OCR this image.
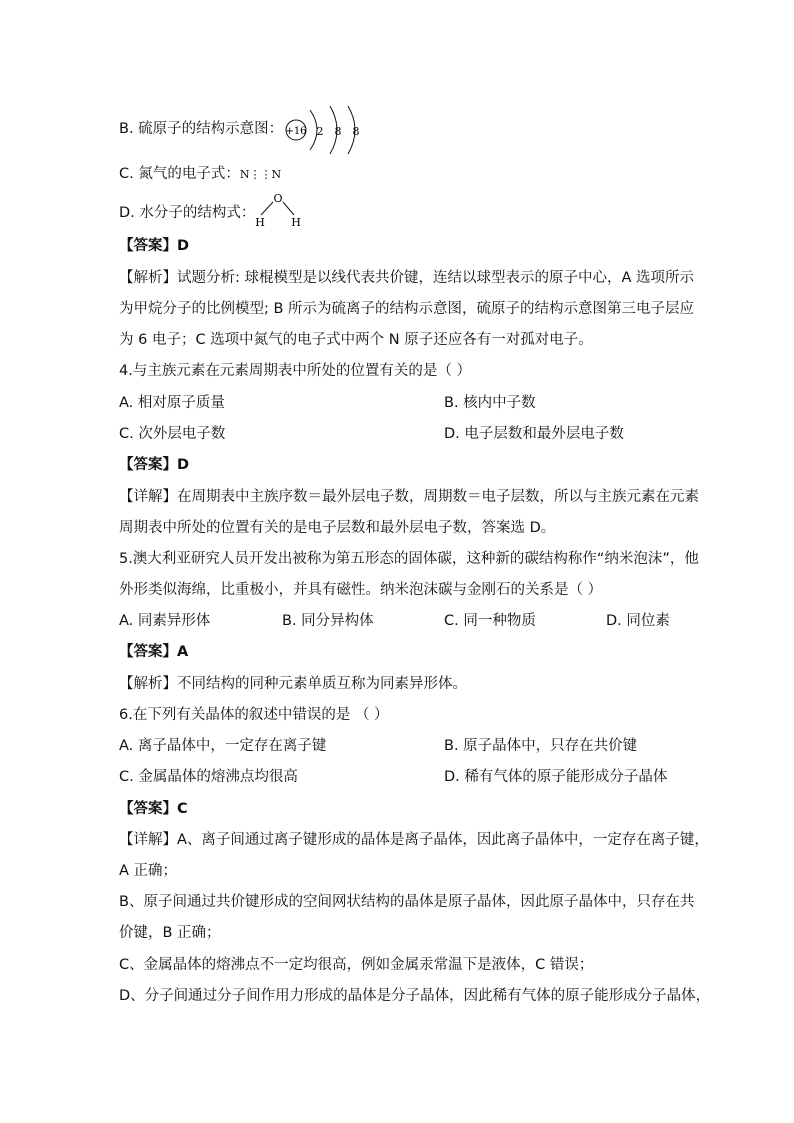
B. 硫原子的结构示意图： +16 2 8 8
C. 氮气的电子式：N⋮⋮N
D. 水分子的结构式：
O
H H
【答案】D
【解析】试题分析: 球棍模型是以线代表共价键，连结以球型表示的原子中心，A 选项所示
为甲烷分子的比例模型; B 所示为硫离子的结构示意图，硫原子的结构示意图第三电子层应
为 6 电子；C 选项中氮气的电子式中两个 N 原子还应各有一对孤对电子。
4.与主族元素在元素周期表中所处的位置有关的是（ ）
A. 相对原子质量	B. 核内中子数
C. 次外层电子数	D. 电子层数和最外层电子数
【答案】D
【详解】在周期表中主族序数＝最外层电子数，周期数＝电子层数，所以与主族元素在元素
周期表中所处的位置有关的是电子层数和最外层电子数，答案选 D。
5.澳大利亚研究人员开发出被称为第五形态的固体碳，这种新的碳结构称作“纳米泡沫”，他
外形类似海绵，比重极小，并具有磁性。纳米泡沫碳与金刚石的关系是（ ）
A. 同素异形体	B. 同分异构体	C. 同一种物质	D. 同位素
【答案】A
【解析】不同结构的同种元素单质互称为同素异形体。
6.在下列有关晶体的叙述中错误的是 （ ）
A. 离子晶体中，一定存在离子键	B. 原子晶体中，只存在共价键
C. 金属晶体的熔沸点均很高	D. 稀有气体的原子能形成分子晶体
【答案】C
【详解】A、离子间通过离子键形成的晶体是离子晶体，因此离子晶体中，一定存在离子键，
A 正确；
B、原子间通过共价键形成的空间网状结构的晶体是原子晶体，因此原子晶体中，只存在共
价键，B 正确；
C、金属晶体的熔沸点不一定均很高，例如金属汞常温下是液体，C 错误；
D、分子间通过分子间作用力形成的晶体是分子晶体，因此稀有气体的原子能形成分子晶体，
